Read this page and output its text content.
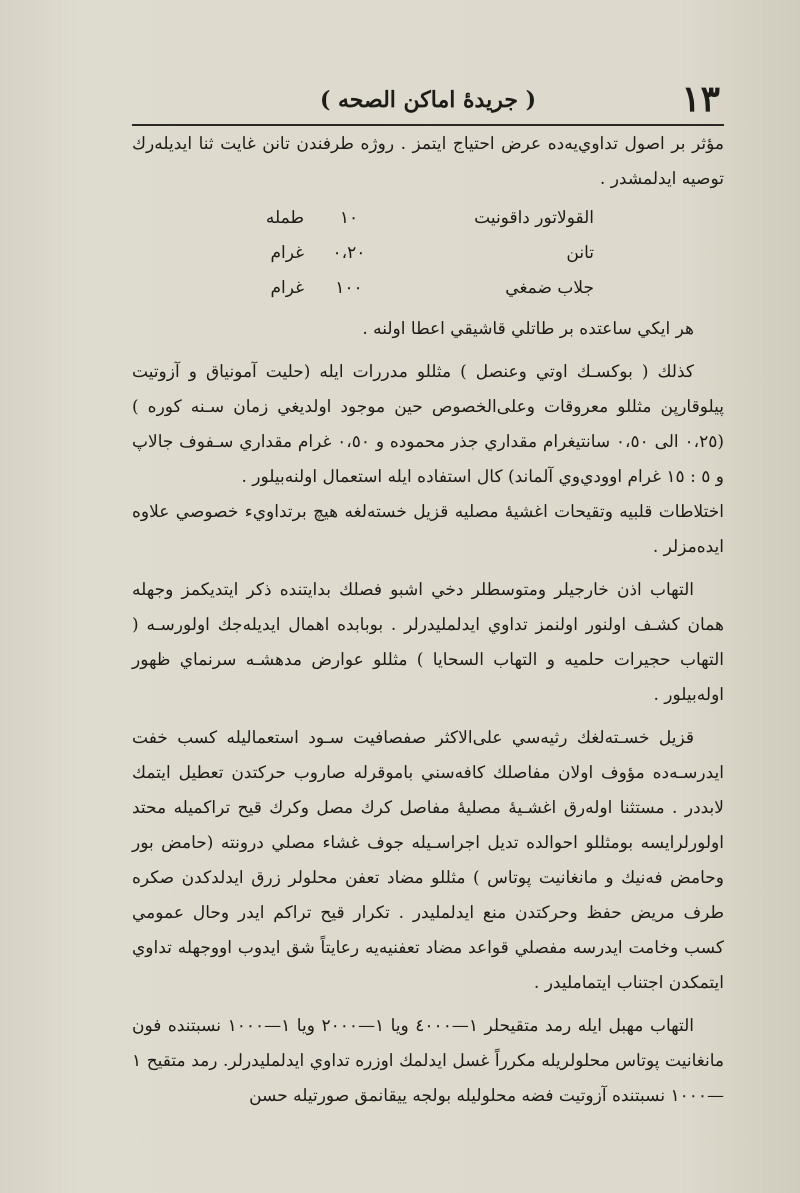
١٣
( جريدهٔ اماكن الصحه )

مؤثر بر اصول تداوي‌يه‌ده عرض احتياج ايتمز . روژه طرفندن تانن غايت ثنا ايديله‌رك توصيه ايدلمشدر .

القولاتور داقونيت
١٠
طمله
تانن
٠،٢٠
غرام
جلاب ضمغي
١٠٠
غرام

هر ايكي ساعتده بر طاتلي قاشيقي اعطا اولنه .

كذلك ( بوكسـك اوتي وعنصل ) مثللو مدررات ايله (حليت آمونياق و آزوتيت پيلوقارپن مثللو معروقات وعلى‌الخصوص حين موجود اولديغي زمان سـنه كوره ) (٠،٢٥ الى ٠،٥٠ سانتيغرام مقداري جذر محموده و ٠،٥٠ غرام مقداري سـفوف جالاپ و ٥ : ١٥ غرام اوودي‌وي آلماند) كال استفاده ايله استعمال اولنه‌بيلور .

اختلاطات قلبيه وتقيحات اغشيهٔ مصليه قزيل خسته‌لغه هيچ برتداويء خصوصي علاوه ايده‌مزلر .

التهاب اذن خارجيلر ومتوسطلر دخي اشبو فصلك بدايتنده ذكر ايتديكمز وجهله همان كشـف اولنور اولنمز تداوي ايدلمليدرلر . بوبابده اهمال ايديله‌جك اولورسـه ( التهاب حجيرات حلميه و التهاب السحايا ) مثللو عوارض مدهشـه سرنماي ظهور اوله‌بيلور .

قزيل خسـته‌لغك رثيه‌سي على‌الاكثر صفصافيت سـود استعماليله كسب خفت ايدرسـه‌ده مؤوف اولان مفاصلك كافه‌سني باموقرله صاروب حركتدن تعطيل ايتمك لابددر . مستثنا اوله‌رق اغشـيهٔ مصليهٔ مفاصل كرك مصل وكرك قيح تراكميله محتد اولورلرايسه بومثللو احوالده تديل اجراسـيله جوف غشاء مصلي درونته (حامض بور وحامض فه‌نيك و مانغانيت پوتاس ) مثللو مضاد تعفن محلولر زرق ايدلدكدن صكره طرف مريض حفظ وحركتدن منع ايدلمليدر . تكرار قيح تراكم ايدر وحال عمومي كسب وخامت ايدرسه مفصلي قواعد مضاد تعفنيه‌يه رعايتاً شق ايدوب اووجهله تداوي ايتمكدن اجتناب ايتماملیدر .

التهاب مهبل ايله رمد متقيحلر ١—٤٠٠٠ ويا ١—٢٠٠٠ ويا ١—١٠٠٠ نسبتنده فون مانغانيت پوتاس محلولريله مكرراً غسل ايدلمك اوزره تداوي ايدلمليدرلر. رمد متقيح ١—١٠٠٠ نسبتنده آزوتيت فضه محلوليله بولجه ييقانمق صورتيله حسن
